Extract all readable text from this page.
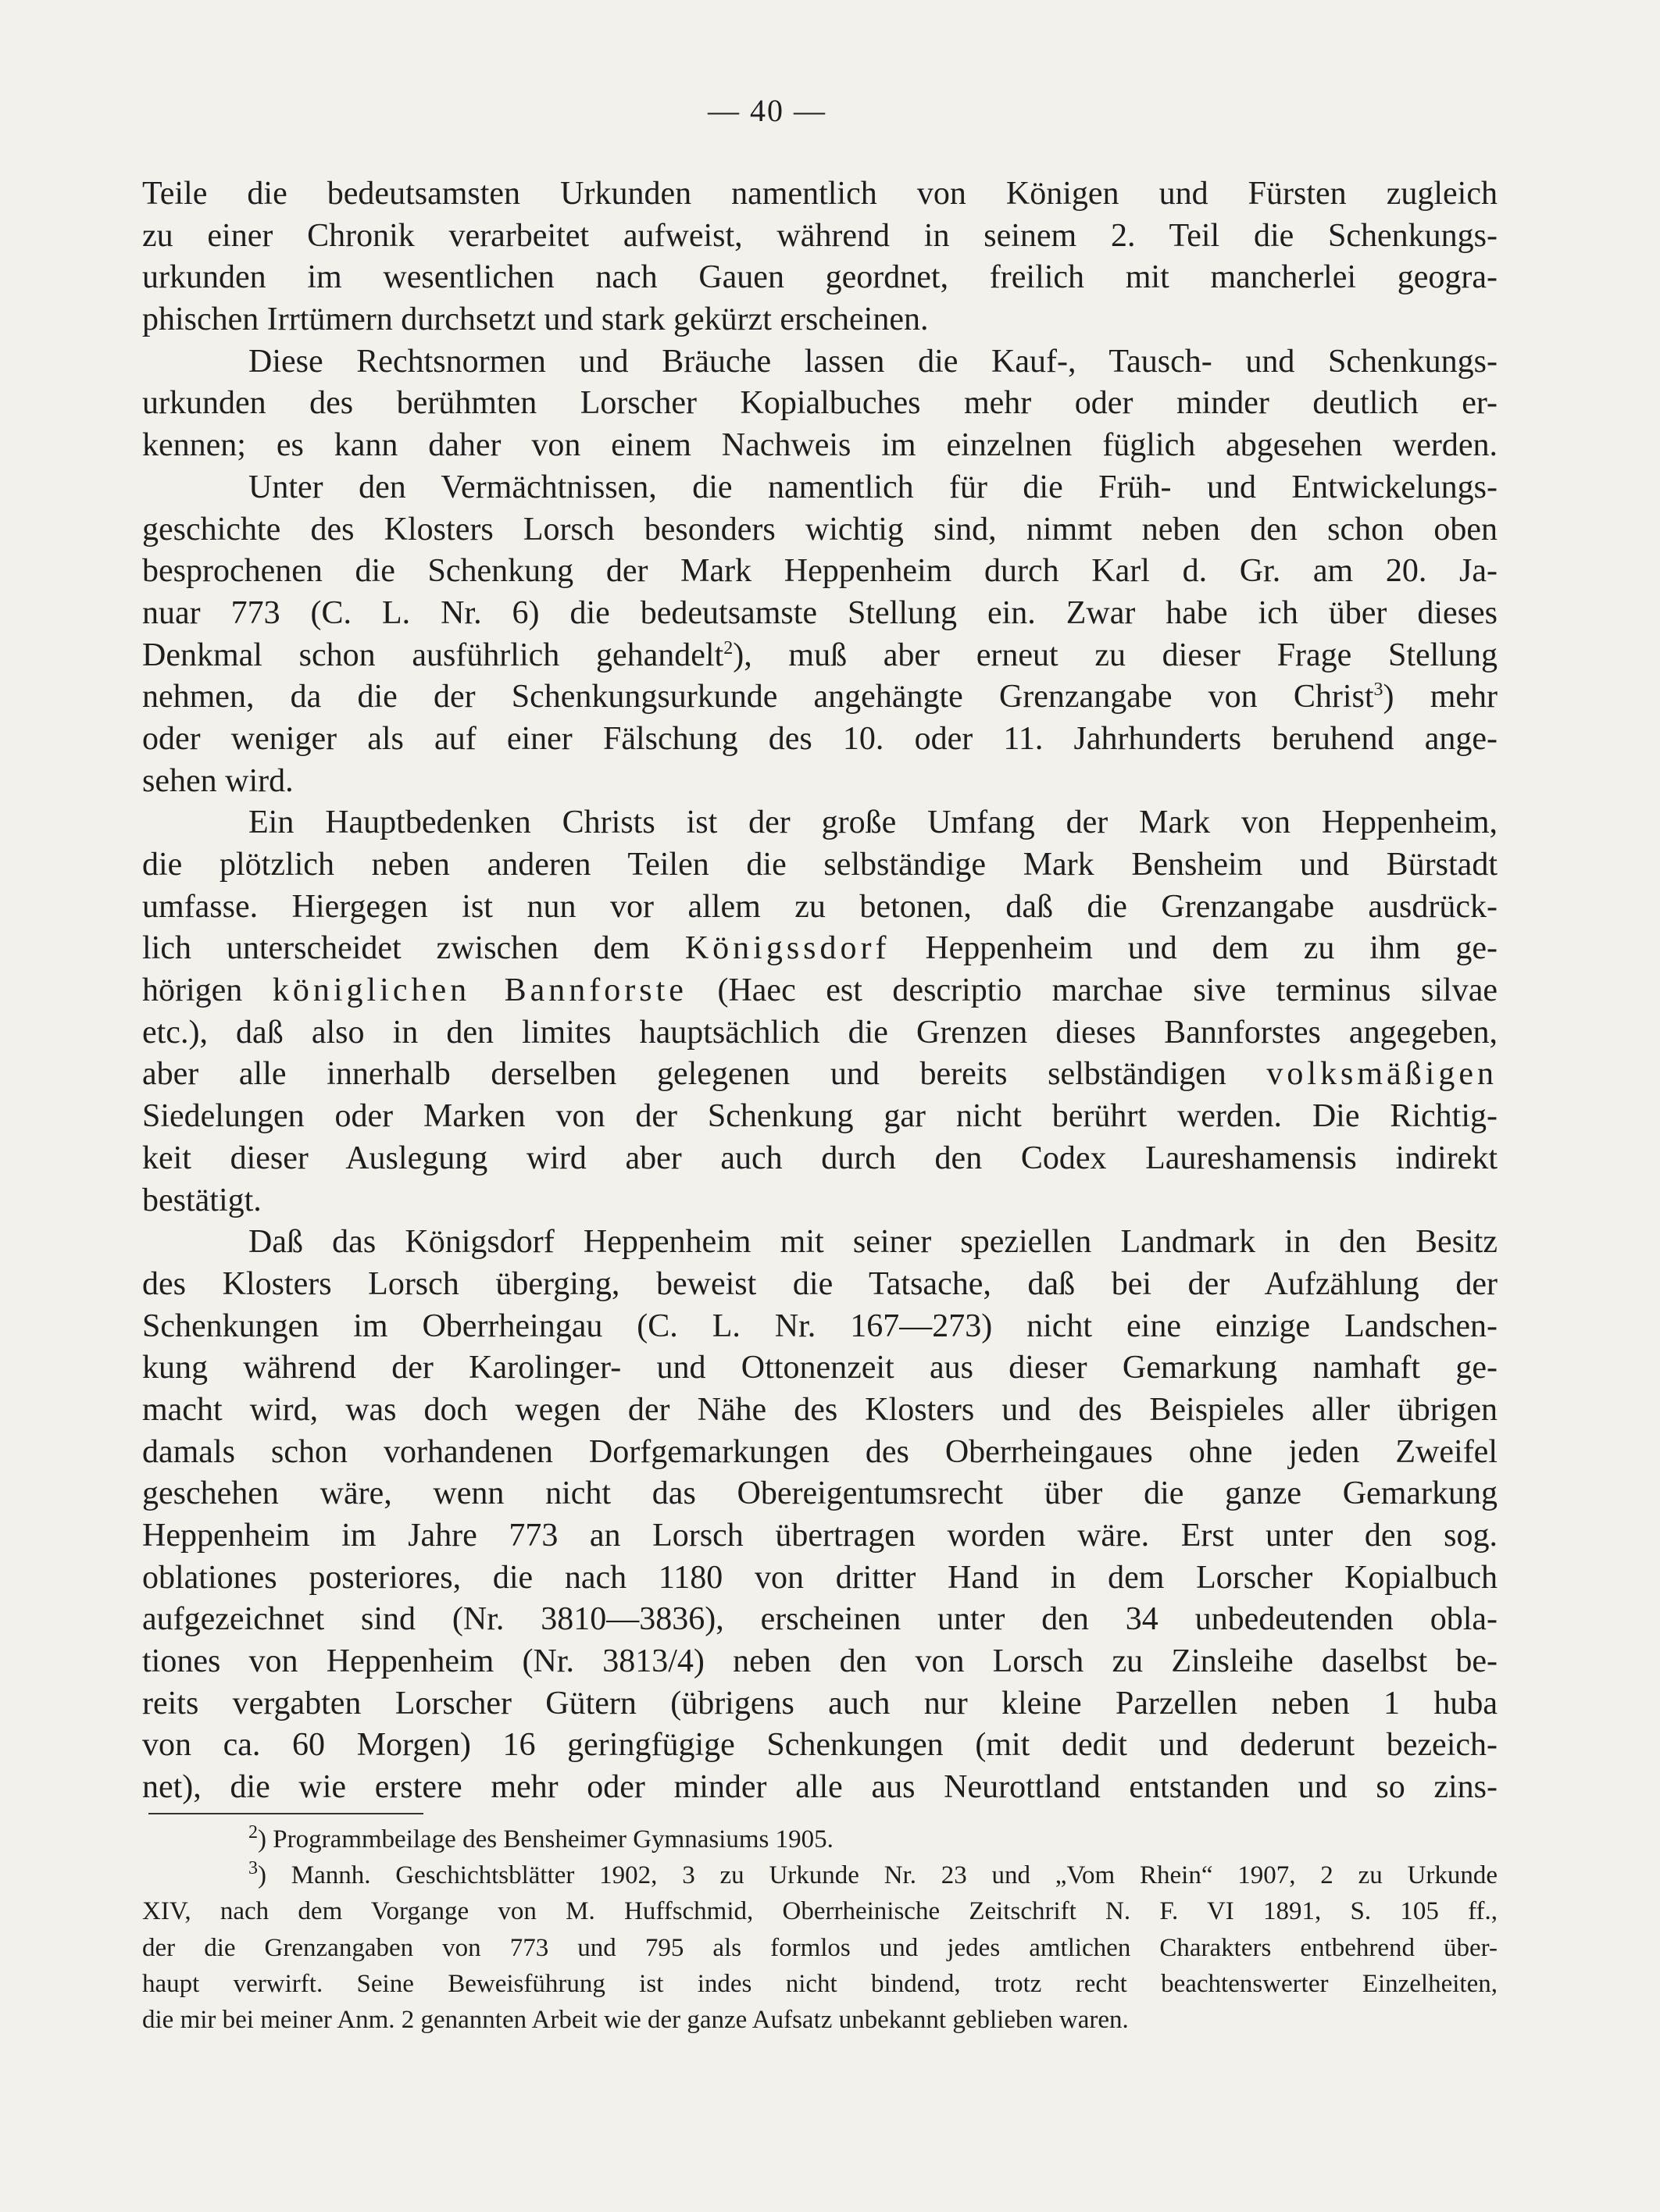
— 40 —
Teile die bedeutsamsten Urkunden namentlich von Königen und Fürsten zugleich
zu einer Chronik verarbeitet aufweist, während in seinem 2. Teil die Schenkungs-
urkunden im wesentlichen nach Gauen geordnet, freilich mit mancherlei geogra-
phischen Irrtümern durchsetzt und stark gekürzt erscheinen.
Diese Rechtsnormen und Bräuche lassen die Kauf-, Tausch- und Schenkungs-
urkunden des berühmten Lorscher Kopialbuches mehr oder minder deutlich er-
kennen; es kann daher von einem Nachweis im einzelnen füglich abgesehen werden.
Unter den Vermächtnissen, die namentlich für die Früh- und Entwickelungs-
geschichte des Klosters Lorsch besonders wichtig sind, nimmt neben den schon oben
besprochenen die Schenkung der Mark Heppenheim durch Karl d. Gr. am 20. Ja-
nuar 773 (C. L. Nr. 6) die bedeutsamste Stellung ein. Zwar habe ich über dieses
Denkmal schon ausführlich gehandelt$^2$), muß aber erneut zu dieser Frage Stellung
nehmen, da die der Schenkungsurkunde angehängte Grenzangabe von Christ$^3$) mehr
oder weniger als auf einer Fälschung des 10. oder 11. Jahrhunderts beruhend ange-
sehen wird.
Ein Hauptbedenken Christs ist der große Umfang der Mark von Heppenheim,
die plötzlich neben anderen Teilen die selbständige Mark Bensheim und Bürstadt
umfasse. Hiergegen ist nun vor allem zu betonen, daß die Grenzangabe ausdrück-
lich unterscheidet zwischen dem Königssdorf Heppenheim und dem zu ihm ge-
hörigen königlichen Bannforste (Haec est descriptio marchae sive terminus silvae
etc.), daß also in den limites hauptsächlich die Grenzen dieses Bannforstes angegeben,
aber alle innerhalb derselben gelegenen und bereits selbständigen volksmäßigen
Siedelungen oder Marken von der Schenkung gar nicht berührt werden. Die Richtig-
keit dieser Auslegung wird aber auch durch den Codex Laureshamensis indirekt
bestätigt.
Daß das Königsdorf Heppenheim mit seiner speziellen Landmark in den Besitz
des Klosters Lorsch überging, beweist die Tatsache, daß bei der Aufzählung der
Schenkungen im Oberrheingau (C. L. Nr. 167—273) nicht eine einzige Landschen-
kung während der Karolinger- und Ottonenzeit aus dieser Gemarkung namhaft ge-
macht wird, was doch wegen der Nähe des Klosters und des Beispieles aller übrigen
damals schon vorhandenen Dorfgemarkungen des Oberrheingaues ohne jeden Zweifel
geschehen wäre, wenn nicht das Obereigentumsrecht über die ganze Gemarkung
Heppenheim im Jahre 773 an Lorsch übertragen worden wäre. Erst unter den sog.
oblationes posteriores, die nach 1180 von dritter Hand in dem Lorscher Kopialbuch
aufgezeichnet sind (Nr. 3810—3836), erscheinen unter den 34 unbedeutenden obla-
tiones von Heppenheim (Nr. 3813/4) neben den von Lorsch zu Zinsleihe daselbst be-
reits vergabten Lorscher Gütern (übrigens auch nur kleine Parzellen neben 1 huba
von ca. 60 Morgen) 16 geringfügige Schenkungen (mit dedit und dederunt bezeich-
net), die wie erstere mehr oder minder alle aus Neurottland entstanden und so zins-
$^2$) Programmbeilage des Bensheimer Gymnasiums 1905.
$^3$) Mannh. Geschichtsblätter 1902, 3 zu Urkunde Nr. 23 und „Vom Rhein“ 1907, 2 zu Urkunde
XIV, nach dem Vorgange von M. Huffschmid, Oberrheinische Zeitschrift N. F. VI 1891, S. 105 ff.,
der die Grenzangaben von 773 und 795 als formlos und jedes amtlichen Charakters entbehrend über-
haupt verwirft. Seine Beweisführung ist indes nicht bindend, trotz recht beachtenswerter Einzelheiten,
die mir bei meiner Anm. 2 genannten Arbeit wie der ganze Aufsatz unbekannt geblieben waren.
